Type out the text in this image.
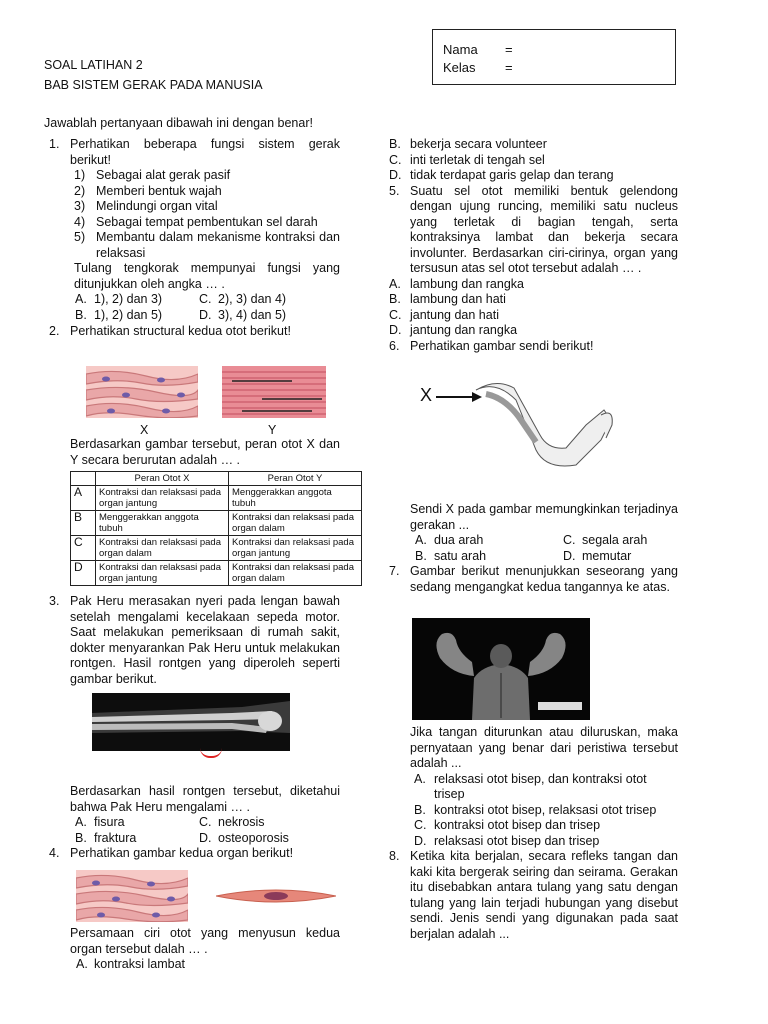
SOAL LATIHAN 2
BAB SISTEM GERAK PADA MANUSIA
Nama =
Kelas =
Jawablah pertanyaan dibawah ini dengan benar!
1. Perhatikan beberapa fungsi sistem gerak berikut!
1) Sebagai alat gerak pasif
2) Memberi bentuk wajah
3) Melindungi organ vital
4) Sebagai tempat pembentukan sel darah
5) Membantu dalam mekanisme kontraksi dan relaksasi
Tulang tengkorak mempunyai fungsi yang ditunjukkan oleh angka … .
A. 1), 2) dan 3)	C. 2), 3) dan 4)
B. 1), 2) dan 5)	D. 3), 4) dan 5)
2. Perhatikan structural kedua otot berikut!
X	Y
Berdasarkan gambar tersebut, peran otot X dan Y secara berurutan adalah … .
	Peran Otot X	Peran Otot Y
A	Kontraksi dan relaksasi pada organ jantung	Menggerakkan anggota tubuh
B	Menggerakkan anggota tubuh	Kontraksi dan relaksasi pada organ dalam
C	Kontraksi dan relaksasi pada organ dalam	Kontraksi dan relaksasi pada organ jantung
D	Kontraksi dan relaksasi pada organ jantung	Kontraksi dan relaksasi pada organ dalam
3. Pak Heru merasakan nyeri pada lengan bawah setelah mengalami kecelakaan sepeda motor. Saat melakukan pemeriksaan di rumah sakit, dokter menyarankan Pak Heru untuk melakukan rontgen. Hasil rontgen yang diperoleh seperti gambar berikut.
Berdasarkan hasil rontgen tersebut, diketahui bahwa Pak Heru mengalami … .
A. fisura	C. nekrosis
B. fraktura	D. osteoporosis
4. Perhatikan gambar kedua organ berikut!
Persamaan ciri otot yang menyusun kedua organ tersebut dalah … .
A. kontraksi lambat
B. bekerja secara volunteer
C. inti terletak di tengah sel
D. tidak terdapat garis gelap dan terang
5. Suatu sel otot memiliki bentuk gelendong dengan ujung runcing, memiliki satu nucleus yang terletak di bagian tengah, serta kontraksinya lambat dan bekerja secara involunter. Berdasarkan ciri-cirinya, organ yang tersusun atas sel otot tersebut adalah … .
A. lambung dan rangka
B. lambung dan hati
C. jantung dan hati
D. jantung dan rangka
6. Perhatikan gambar sendi berikut!
X
Sendi X pada gambar memungkinkan terjadinya gerakan ...
A. dua arah	C. segala arah
B. satu arah	D. memutar
7. Gambar berikut menunjukkan seseorang yang sedang mengangkat kedua tangannya ke atas.
Jika tangan diturunkan atau diluruskan, maka pernyataan yang benar dari peristiwa tersebut adalah ...
A. relaksasi otot bisep, dan kontraksi otot trisep
B. kontraksi otot bisep, relaksasi otot trisep
C. kontraksi otot bisep dan trisep
D. relaksasi otot bisep dan trisep
8. Ketika kita berjalan, secara refleks tangan dan kaki kita bergerak seiring dan seirama. Gerakan itu disebabkan antara tulang yang satu dengan tulang yang lain terjadi hubungan yang disebut sendi. Jenis sendi yang digunakan pada saat berjalan adalah ...
